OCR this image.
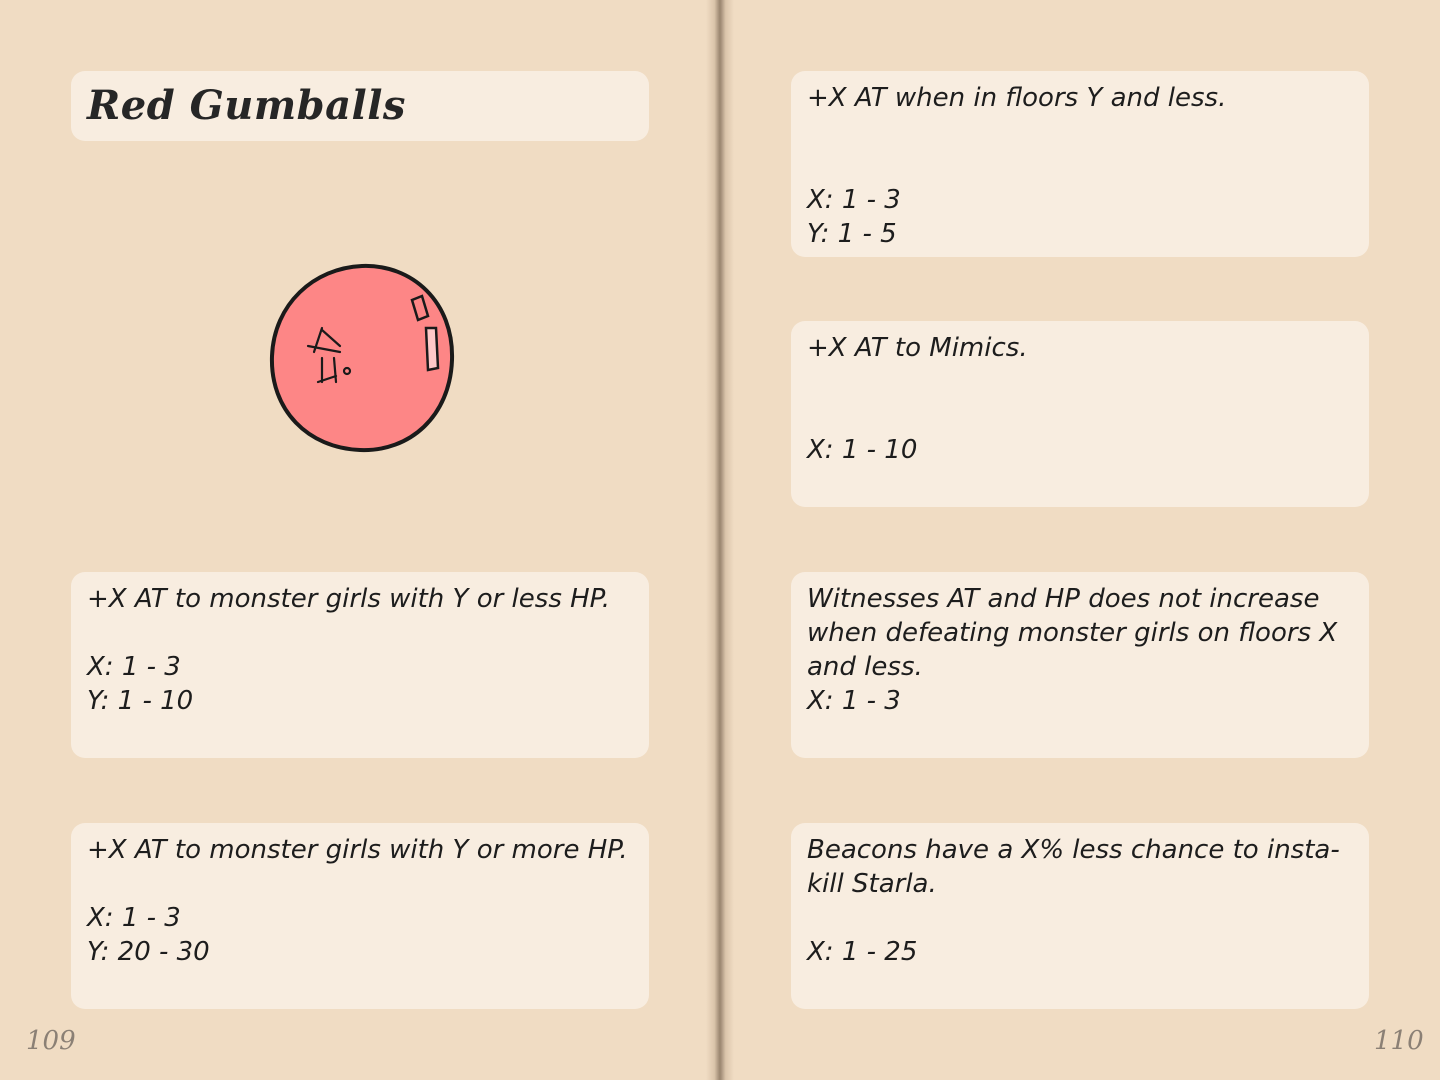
Red Gumballs
+X AT to monster girls with Y or less HP.
X: 1 - 3
Y: 1 - 10
+X AT to monster girls with Y or more HP.
X: 1 - 3
Y: 20 - 30
109
+X AT when in floors Y and less.
X: 1 - 3
Y: 1 - 5
+X AT to Mimics.
X: 1 - 10
Witnesses AT and HP does not increase when defeating monster girls on floors X and less.
X: 1 - 3
Beacons have a X% less chance to insta-kill Starla.
X: 1 - 25
110
